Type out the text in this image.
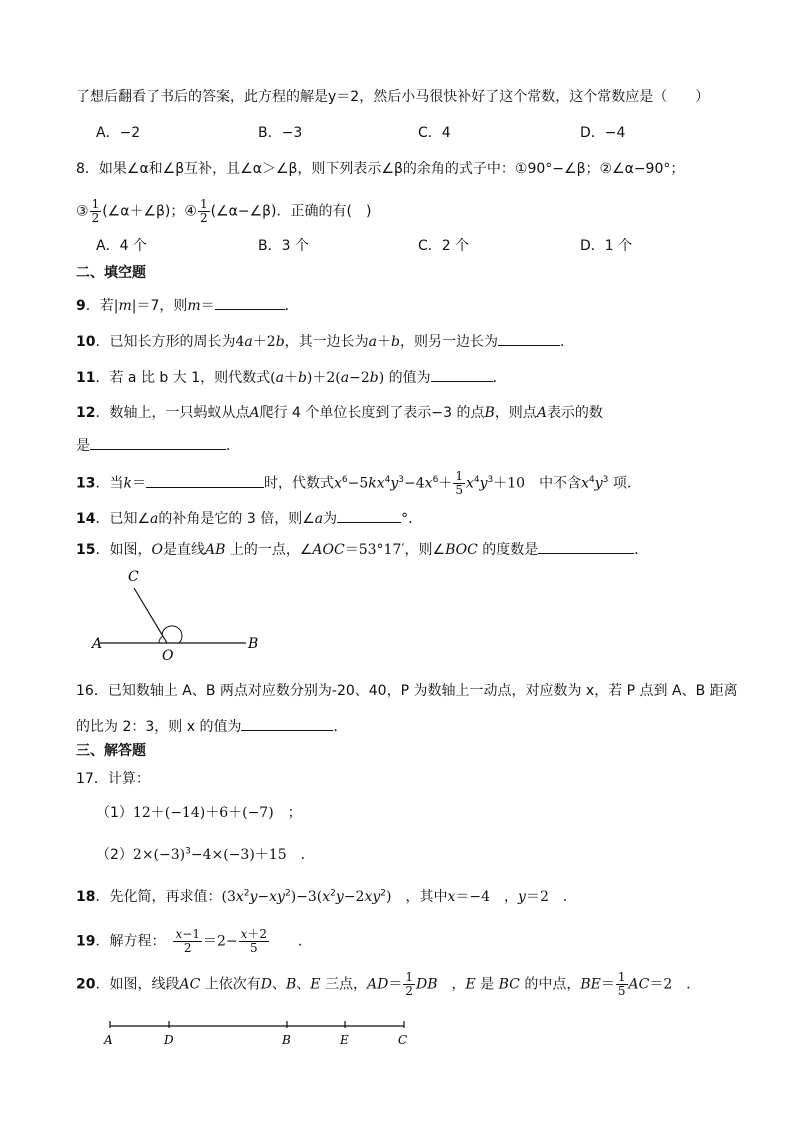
了想后翻看了书后的答案，此方程的解是y＝2，然后小马很快补好了这个常数，这个常数应是（　　）
A．−2	B．−3	C．4	D．−4
8．如果∠α和∠β互补，且∠α＞∠β，则下列表示∠β的余角的式子中：①90°−∠β；②∠α−90°；
③ $\frac{1}{2}$ (∠α＋∠β)；④ $\frac{1}{2}$ (∠α−∠β)．正确的有(　)
A．4 个	B．3 个	C．2 个	D．1 个
二、填空题
9．若|m|＝7，则m＝	．
10．已知长方形的周长为4a＋2b，其一边长为a＋b，则另一边长为	．
11．若 a 比 b 大 1，则代数式(a＋b)＋2(a−2b) 的值为	．
12．数轴上，一只蚂蚁从点A爬行 4 个单位长度到了表示−3 的点B，则点A表示的数
是	．
13．当k＝	时，代数式$x^6-5kx^4y^3-4x^6+ \frac{1}{5} x^4y^3+10$　中不含$x^4y^3$ 项．
14．已知∠a的补角是它的 3 倍，则∠a为	°．
15．如图，O是直线AB 上的一点，∠AOC＝53°17′，则∠BOC 的度数是	．
C
A
O
B
16．已知数轴上 A、B 两点对应数分别为-20、40，P 为数轴上一动点，对应数为 x，若 P 点到 A、B 距离
的比为 2：3，则 x 的值为	．
三、解答题
17．计算：
（1）12＋(−14)＋6＋(−7)　；
$(2)2\times(-3)^3-4\times(-3)+15$　．
18．先化简，再求值：$(3x^2y-xy^2)-3(x^2y-2xy^2)$　，其中x＝−4　，y＝2　．
19．解方程：　 $\frac{x-1}{2} =2- \frac{x+2}{5}$ 　　．
20．如图，线段AC 上依次有D、B、E 三点，$AD= \frac{1}{2}$ DB　，E 是 BC 的中点，$BE= \frac{1}{5} AC=2$　．
A	D	B	E	C
